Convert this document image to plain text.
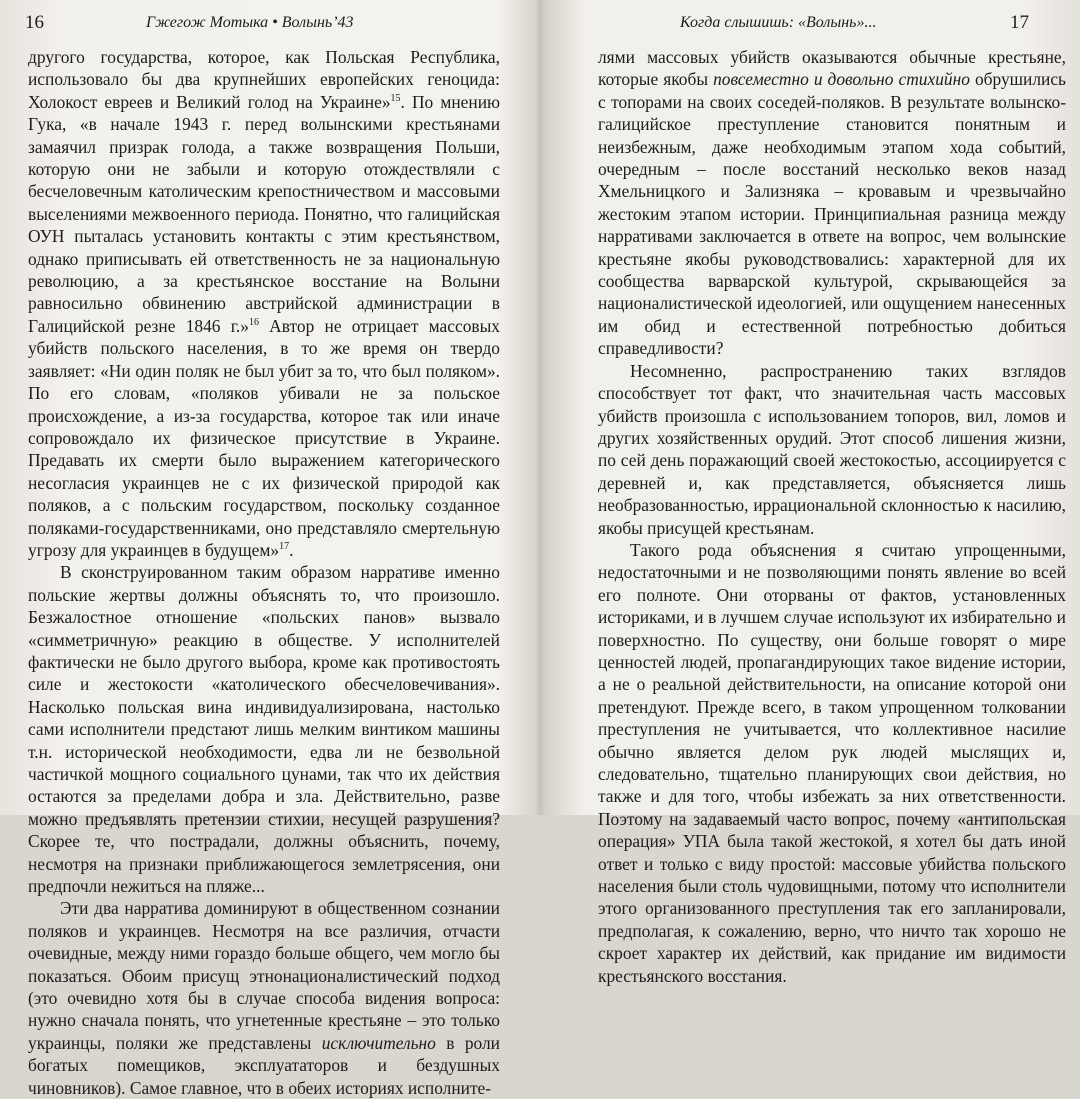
16	Гжегож Мотыка • Волынь’43

другого государства, которое, как Польская Республика, использовало бы два крупнейших европейских геноцида: Холокост евреев и Великий голод на Украине»$^{15}$. По мнению Гука, «в начале 1943 г. перед волынскими крестьянами замаячил призрак голода, а также возвращения Польши, которую они не забыли и которую отождествляли с бесчеловечным католическим крепостничеством и массовыми выселениями межвоенного периода. Понятно, что галицийская ОУН пыталась установить контакты с этим крестьянством, однако приписывать ей ответственность не за национальную революцию, а за крестьянское восстание на Волыни равносильно обвинению австрийской администрации в Галицийской резне 1846 г.»$^{16}$ Автор не отрицает массовых убийств польского населения, в то же время он твердо заявляет: «Ни один поляк не был убит за то, что был поляком». По его словам, «поляков убивали не за польское происхождение, а из-за государства, которое так или иначе сопровождало их физическое присутствие в Украине. Предавать их смерти было выражением категорического несогласия украинцев не с их физической природой как поляков, а с польским государством, поскольку созданное поляками-государственниками, оно представляло смертельную угрозу для украинцев в будущем»$^{17}$.

В сконструированном таким образом нарративе именно польские жертвы должны объяснять то, что произошло. Безжалостное отношение «польских панов» вызвало «симметричную» реакцию в обществе. У исполнителей фактически не было другого выбора, кроме как противостоять силе и жестокости «католического обесчеловечивания». Насколько польская вина индивидуализирована, настолько сами исполнители предстают лишь мелким винтиком машины т.н. исторической необходимости, едва ли не безвольной частичкой мощного социального цунами, так что их действия остаются за пределами добра и зла. Действительно, разве можно предъявлять претензии стихии, несущей разрушения? Скорее те, что пострадали, должны объяснить, почему, несмотря на признаки приближающегося землетрясения, они предпочли нежиться на пляже...

Эти два нарратива доминируют в общественном сознании поляков и украинцев. Несмотря на все различия, отчасти очевидные, между ними гораздо больше общего, чем могло бы показаться. Обоим присущ этнонационалистический подход (это очевидно хотя бы в случае способа видения вопроса: нужно сначала понять, что угнетенные крестьяне – это только украинцы, поляки же представлены исключительно в роли богатых помещиков, эксплуататоров и бездушных чиновников). Самое главное, что в обеих историях исполните-

Когда слышишь: «Волынь»...	17

лями массовых убийств оказываются обычные крестьяне, которые якобы повсеместно и довольно стихийно обрушились с топорами на своих соседей-поляков. В результате волынско-галицийское преступление становится понятным и неизбежным, даже необходимым этапом хода событий, очередным – после восстаний несколько веков назад Хмельницкого и Зализняка – кровавым и чрезвычайно жестоким этапом истории. Принципиальная разница между нарративами заключается в ответе на вопрос, чем волынские крестьяне якобы руководствовались: характерной для их сообщества варварской культурой, скрывающейся за националистической идеологией, или ощущением нанесенных им обид и естественной потребностью добиться справедливости?

Несомненно, распространению таких взглядов способствует тот факт, что значительная часть массовых убийств произошла с использованием топоров, вил, ломов и других хозяйственных орудий. Этот способ лишения жизни, по сей день поражающий своей жестокостью, ассоциируется с деревней и, как представляется, объясняется лишь необразованностью, иррациональной склонностью к насилию, якобы присущей крестьянам.

Такого рода объяснения я считаю упрощенными, недостаточными и не позволяющими понять явление во всей его полноте. Они оторваны от фактов, установленных историками, и в лучшем случае используют их избирательно и поверхностно. По существу, они больше говорят о мире ценностей людей, пропагандирующих такое видение истории, а не о реальной действительности, на описание которой они претендуют. Прежде всего, в таком упрощенном толковании преступления не учитывается, что коллективное насилие обычно является делом рук людей мыслящих и, следовательно, тщательно планирующих свои действия, но также и для того, чтобы избежать за них ответственности. Поэтому на задаваемый часто вопрос, почему «антипольская операция» УПА была такой жестокой, я хотел бы дать иной ответ и только с виду простой: массовые убийства польского населения были столь чудовищными, потому что исполнители этого организованного преступления так его запланировали, предполагая, к сожалению, верно, что ничто так хорошо не скроет характер их действий, как придание им видимости крестьянского восстания.
